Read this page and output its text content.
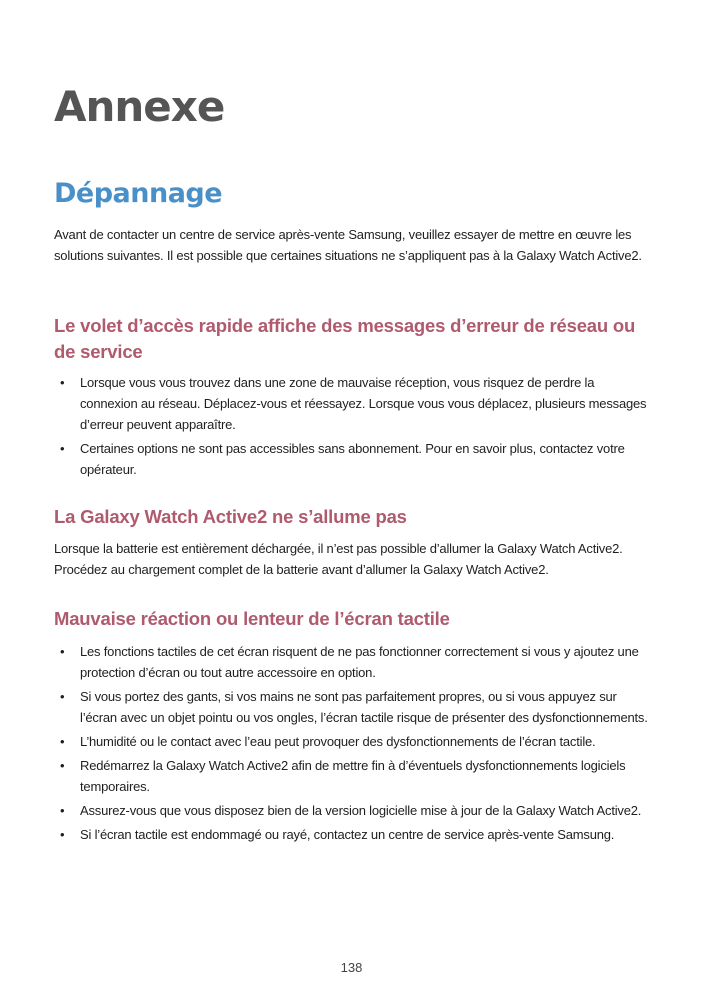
Annexe
Dépannage

Avant de contacter un centre de service après-vente Samsung, veuillez essayer de mettre en œuvre les solutions suivantes. Il est possible que certaines situations ne s’appliquent pas à la Galaxy Watch Active2.

Le volet d’accès rapide affiche des messages d’erreur de réseau ou de service
• Lorsque vous vous trouvez dans une zone de mauvaise réception, vous risquez de perdre la connexion au réseau. Déplacez-vous et réessayez. Lorsque vous vous déplacez, plusieurs messages d’erreur peuvent apparaître.
• Certaines options ne sont pas accessibles sans abonnement. Pour en savoir plus, contactez votre opérateur.
La Galaxy Watch Active2 ne s’allume pas

Lorsque la batterie est entièrement déchargée, il n’est pas possible d’allumer la Galaxy Watch Active2. Procédez au chargement complet de la batterie avant d’allumer la Galaxy Watch Active2.

Mauvaise réaction ou lenteur de l’écran tactile
• Les fonctions tactiles de cet écran risquent de ne pas fonctionner correctement si vous y ajoutez une protection d’écran ou tout autre accessoire en option.
• Si vous portez des gants, si vos mains ne sont pas parfaitement propres, ou si vous appuyez sur l’écran avec un objet pointu ou vos ongles, l’écran tactile risque de présenter des dysfonctionnements.
• L’humidité ou le contact avec l’eau peut provoquer des dysfonctionnements de l’écran tactile.
• Redémarrez la Galaxy Watch Active2 afin de mettre fin à d’éventuels dysfonctionnements logiciels temporaires.
• Assurez-vous que vous disposez bien de la version logicielle mise à jour de la Galaxy Watch Active2.
• Si l’écran tactile est endommagé ou rayé, contactez un centre de service après-vente Samsung.
138
